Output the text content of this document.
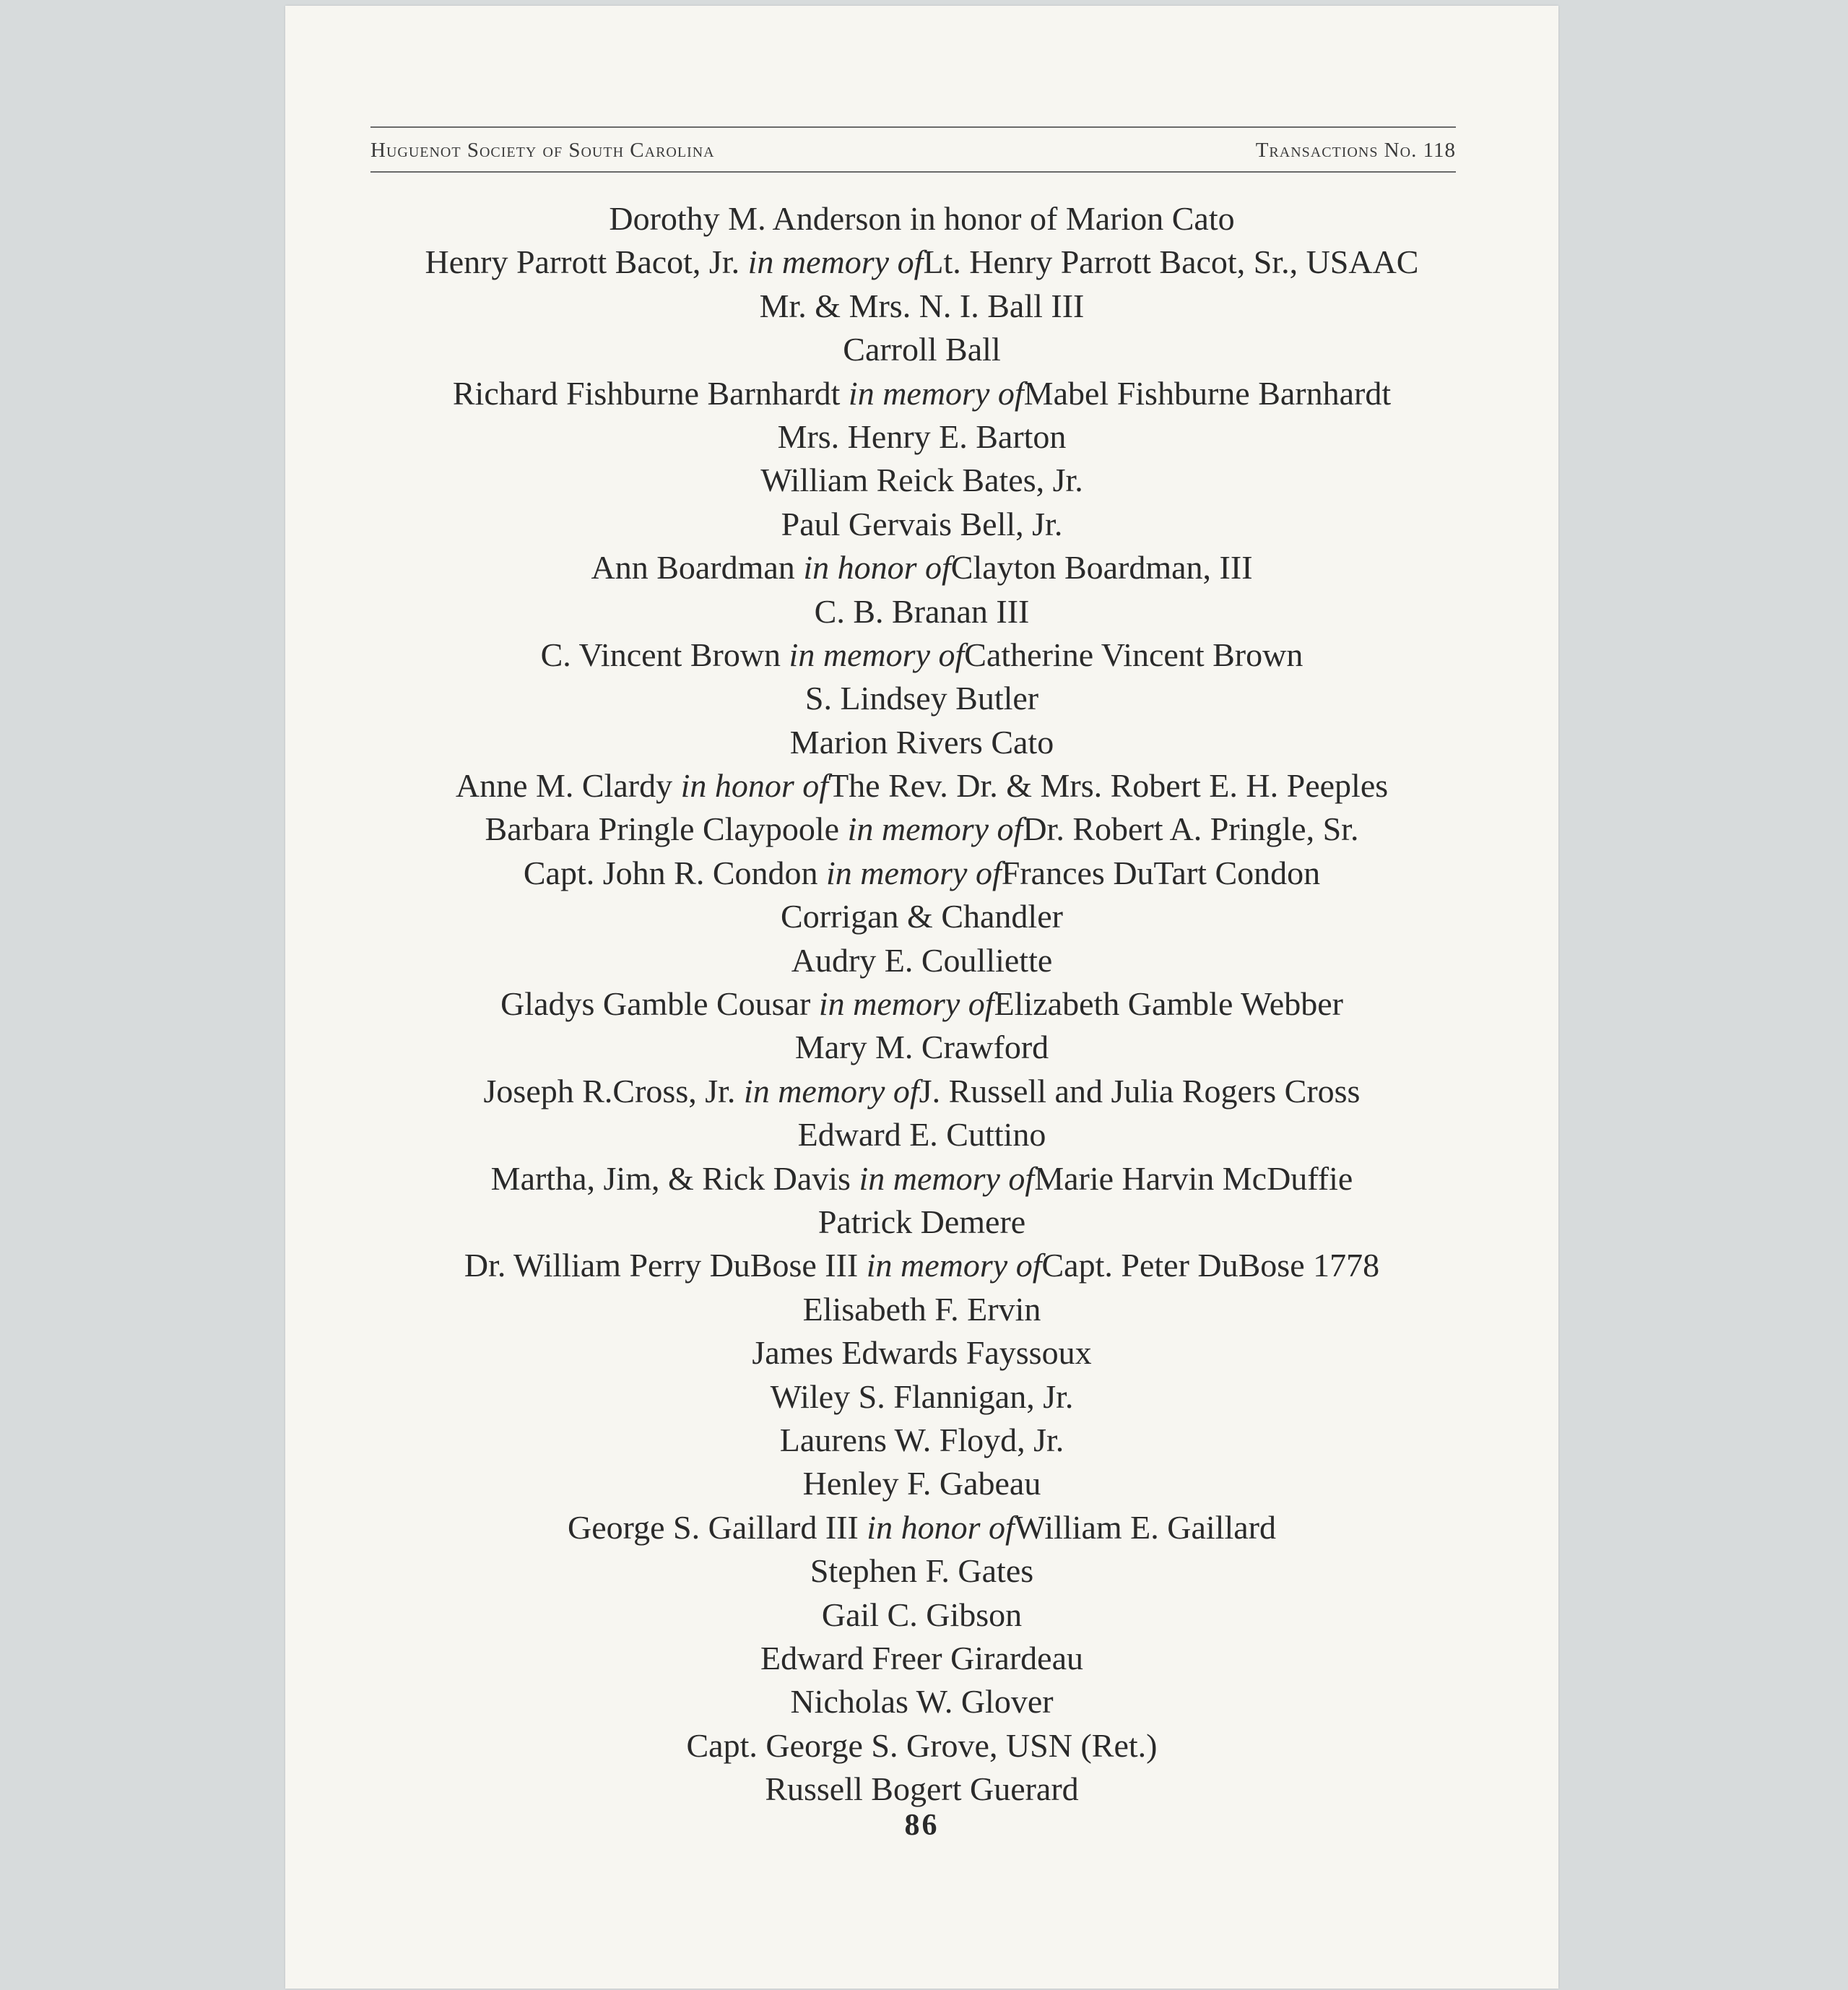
Huguenot Society of South Carolina	Transactions No. 118
Dorothy M. Anderson in honor of Marion Cato
Henry Parrott Bacot, Jr. in memory ofLt. Henry Parrott Bacot, Sr., USAAC
Mr. & Mrs. N. I. Ball III
Carroll Ball
Richard Fishburne Barnhardt in memory ofMabel Fishburne Barnhardt
Mrs. Henry E. Barton
William Reick Bates, Jr.
Paul Gervais Bell, Jr.
Ann Boardman in honor ofClayton Boardman, III
C. B. Branan III
C. Vincent Brown in memory ofCatherine Vincent Brown
S. Lindsey Butler
Marion Rivers Cato
Anne M. Clardy in honor ofThe Rev. Dr. & Mrs. Robert E. H. Peeples
Barbara Pringle Claypoole in memory ofDr. Robert A. Pringle, Sr.
Capt. John R. Condon in memory ofFrances DuTart Condon
Corrigan & Chandler
Audry E. Coulliette
Gladys Gamble Cousar in memory ofElizabeth Gamble Webber
Mary M. Crawford
Joseph R.Cross, Jr. in memory ofJ. Russell and Julia Rogers Cross
Edward E. Cuttino
Martha, Jim, & Rick Davis in memory ofMarie Harvin McDuffie
Patrick Demere
Dr. William Perry DuBose III in memory ofCapt. Peter DuBose 1778
Elisabeth F. Ervin
James Edwards Fayssoux
Wiley S. Flannigan, Jr.
Laurens W. Floyd, Jr.
Henley F. Gabeau
George S. Gaillard III in honor ofWilliam E. Gaillard
Stephen F. Gates
Gail C. Gibson
Edward Freer Girardeau
Nicholas W. Glover
Capt. George S. Grove, USN (Ret.)
Russell Bogert Guerard
86
